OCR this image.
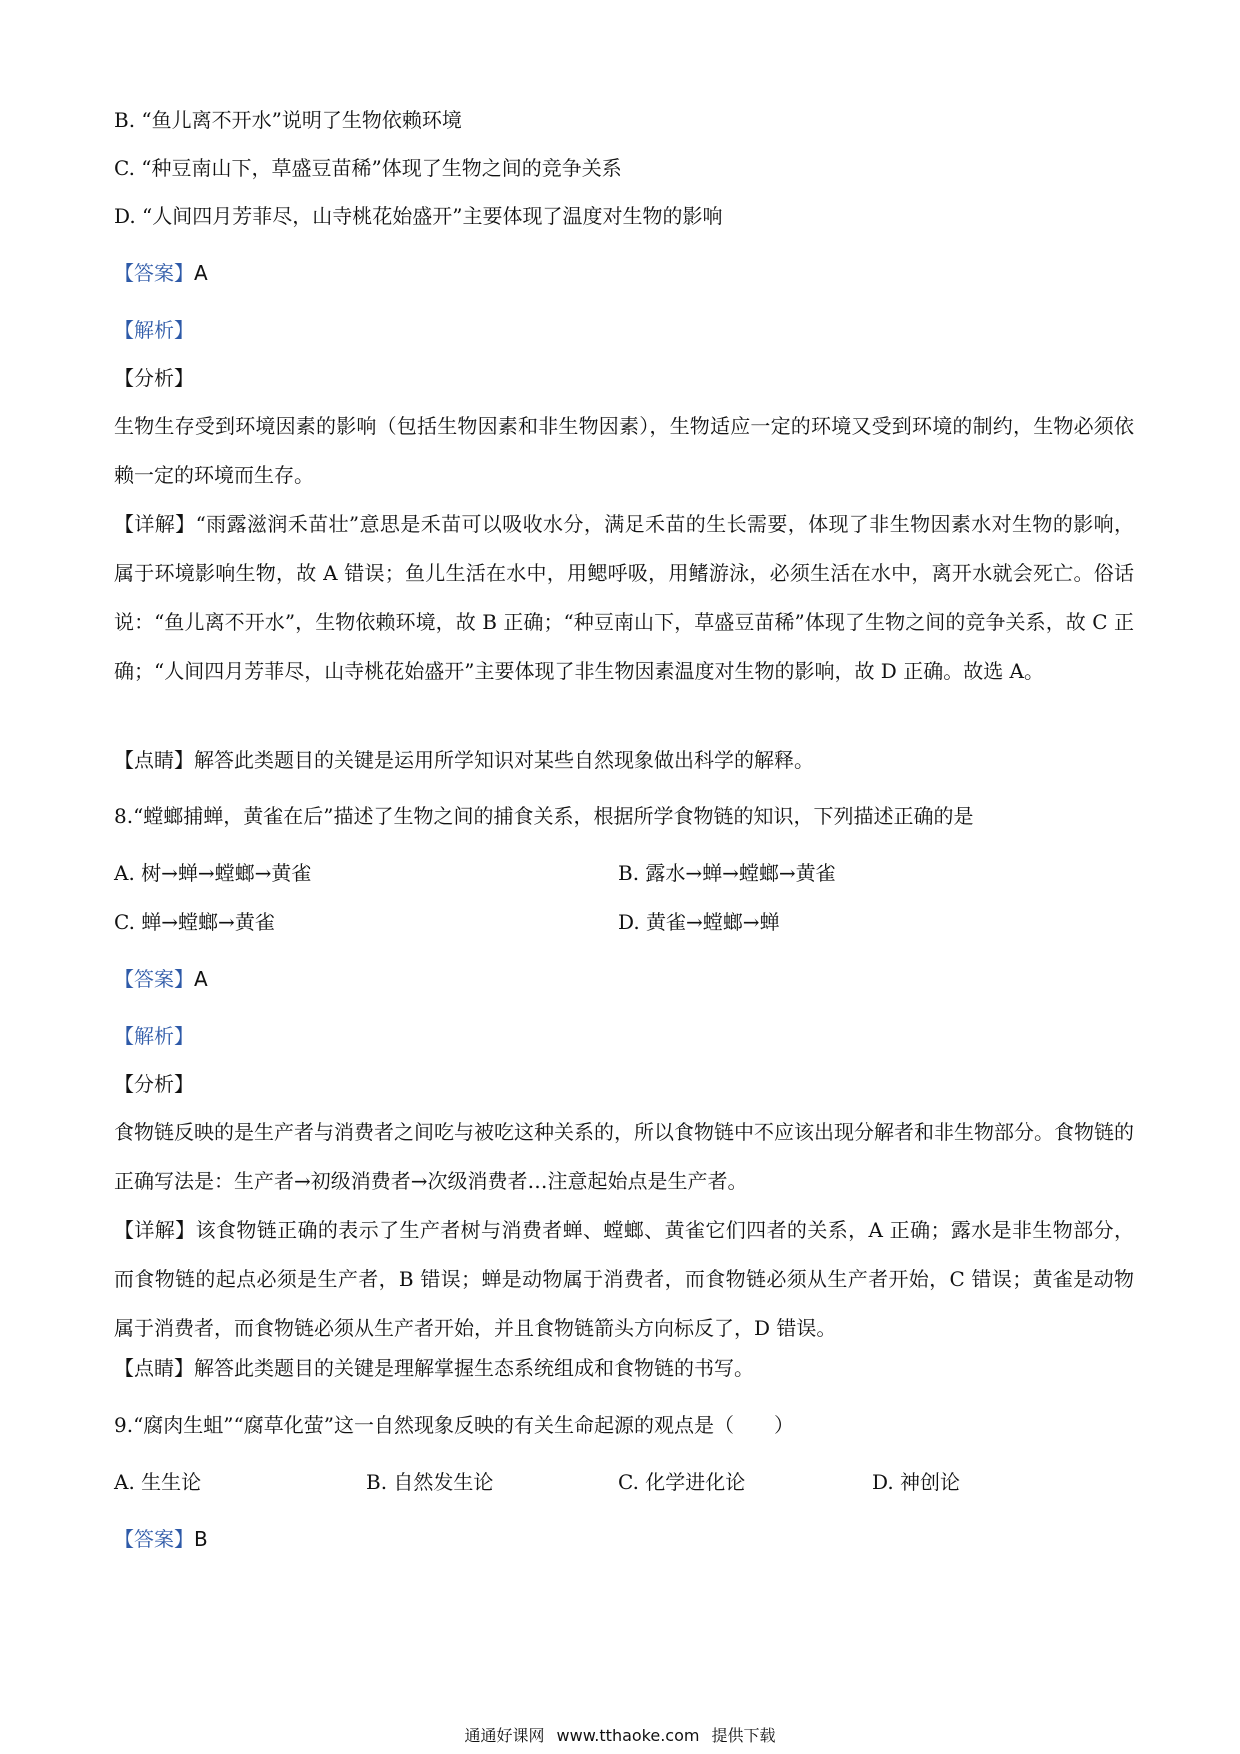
B. “鱼儿离不开水”说明了生物依赖环境
C. “种豆南山下，草盛豆苗稀”体现了生物之间的竞争关系
D. “人间四月芳菲尽，山寺桃花始盛开”主要体现了温度对生物的影响
【答案】A
【解析】
【分析】
生物生存受到环境因素的影响（包括生物因素和非生物因素），生物适应一定的环境又受到环境的制约，生物必须依赖一定的环境而生存。
【详解】“雨露滋润禾苗壮”意思是禾苗可以吸收水分，满足禾苗的生长需要，体现了非生物因素水对生物的影响，属于环境影响生物，故 A 错误；鱼儿生活在水中，用鳃呼吸，用鳍游泳，必须生活在水中，离开水就会死亡。俗话说：“鱼儿离不开水”，生物依赖环境，故 B 正确；“种豆南山下，草盛豆苗稀”体现了生物之间的竞争关系，故 C 正确；“人间四月芳菲尽，山寺桃花始盛开”主要体现了非生物因素温度对生物的影响，故 D 正确。故选 A。
【点睛】解答此类题目的关键是运用所学知识对某些自然现象做出科学的解释。
8.“螳螂捕蝉，黄雀在后”描述了生物之间的捕食关系，根据所学食物链的知识，下列描述正确的是
A. 树→蝉→螳螂→黄雀	B. 露水→蝉→螳螂→黄雀
C. 蝉→螳螂→黄雀	D. 黄雀→螳螂→蝉
【答案】A
【解析】
【分析】
食物链反映的是生产者与消费者之间吃与被吃这种关系的，所以食物链中不应该出现分解者和非生物部分。食物链的正确写法是：生产者→初级消费者→次级消费者…注意起始点是生产者。
【详解】该食物链正确的表示了生产者树与消费者蝉、螳螂、黄雀它们四者的关系，A 正确；露水是非生物部分，而食物链的起点必须是生产者，B 错误；蝉是动物属于消费者，而食物链必须从生产者开始，C 错误；黄雀是动物属于消费者，而食物链必须从生产者开始，并且食物链箭头方向标反了，D 错误。
【点睛】解答此类题目的关键是理解掌握生态系统组成和食物链的书写。
9.“腐肉生蛆”“腐草化萤”这一自然现象反映的有关生命起源的观点是（　　）
A. 生生论	B. 自然发生论	C. 化学进化论	D. 神创论
【答案】B
通通好课网 www.tthaoke.com 提供下载
